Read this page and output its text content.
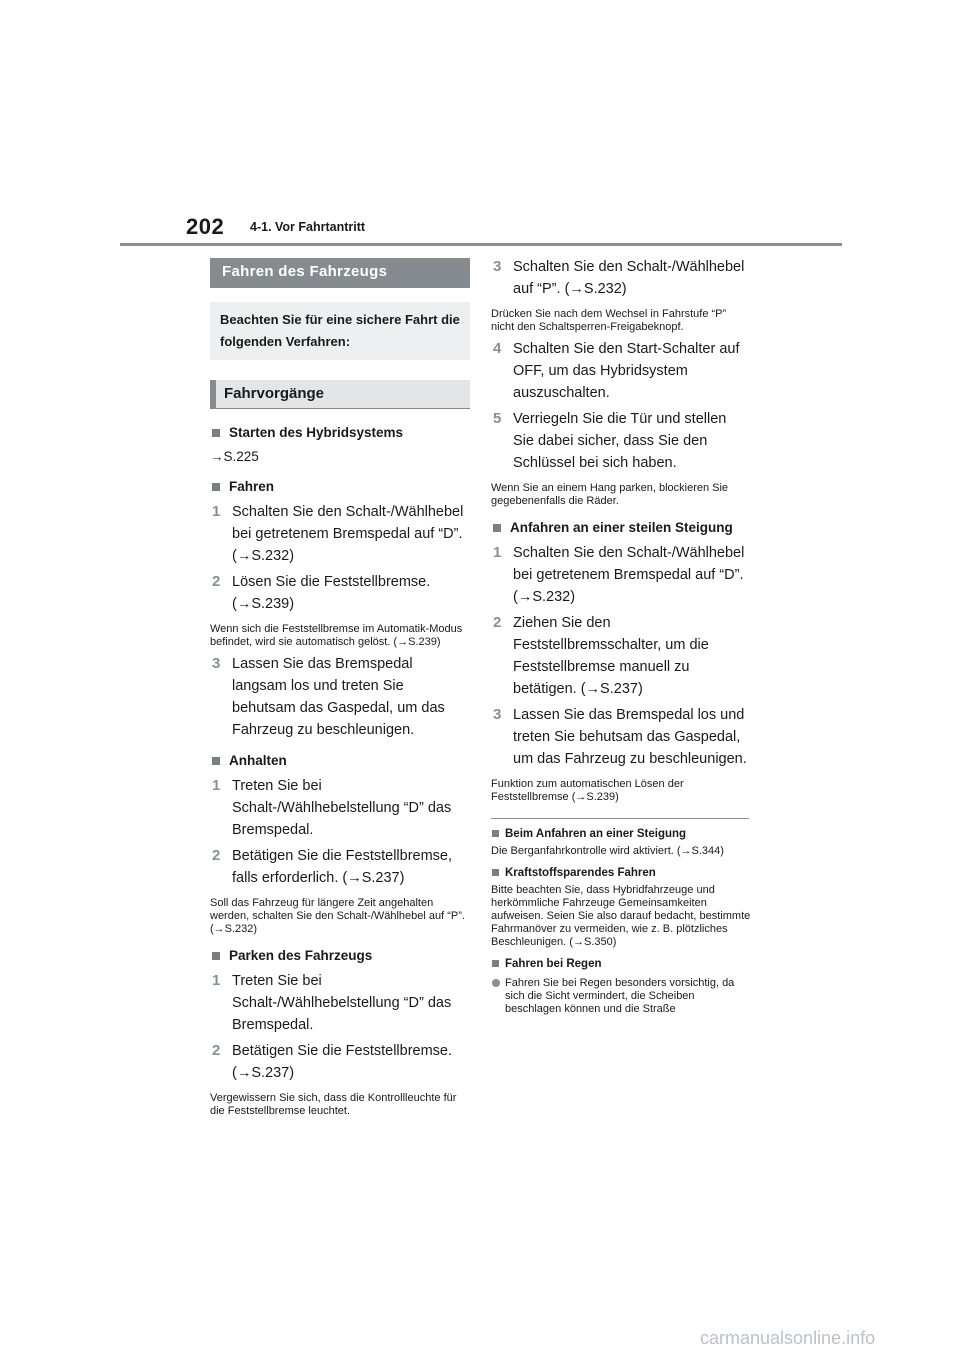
202 4-1. Vor Fahrtantritt
Fahren des Fahrzeugs
Beachten Sie für eine sichere Fahrt die folgenden Verfahren:
Fahrvorgänge
Starten des Hybridsystems
→S.225
Fahren
1 Schalten Sie den Schalt-/Wählhebel bei getretenem Bremspedal auf “D”. (→S.232)
2 Lösen Sie die Feststellbremse. (→S.239)
Wenn sich die Feststellbremse im Automatik-Modus befindet, wird sie automatisch gelöst. (→S.239)
3 Lassen Sie das Bremspedal langsam los und treten Sie behutsam das Gaspedal, um das Fahrzeug zu beschleunigen.
Anhalten
1 Treten Sie bei Schalt-/Wählhebelstellung “D” das Bremspedal.
2 Betätigen Sie die Feststellbremse, falls erforderlich. (→S.237)
Soll das Fahrzeug für längere Zeit angehalten werden, schalten Sie den Schalt-/Wählhebel auf “P”. (→S.232)
Parken des Fahrzeugs
1 Treten Sie bei Schalt-/Wählhebelstellung “D” das Bremspedal.
2 Betätigen Sie die Feststellbremse. (→S.237)
Vergewissern Sie sich, dass die Kontrollleuchte für die Feststellbremse leuchtet.
3 Schalten Sie den Schalt-/Wählhebel auf “P”. (→S.232)
Drücken Sie nach dem Wechsel in Fahrstufe “P” nicht den Schaltsperren-Freigabeknopf.
4 Schalten Sie den Start-Schalter auf OFF, um das Hybridsystem auszuschalten.
5 Verriegeln Sie die Tür und stellen Sie dabei sicher, dass Sie den Schlüssel bei sich haben.
Wenn Sie an einem Hang parken, blockieren Sie gegebenenfalls die Räder.
Anfahren an einer steilen Steigung
1 Schalten Sie den Schalt-/Wählhebel bei getretenem Bremspedal auf “D”. (→S.232)
2 Ziehen Sie den Feststellbremsschalter, um die Feststellbremse manuell zu betätigen. (→S.237)
3 Lassen Sie das Bremspedal los und treten Sie behutsam das Gaspedal, um das Fahrzeug zu beschleunigen.
Funktion zum automatischen Lösen der Feststellbremse (→S.239)
Beim Anfahren an einer Steigung
Die Berganfahrkontrolle wird aktiviert. (→S.344)
Kraftstoffsparendes Fahren
Bitte beachten Sie, dass Hybridfahrzeuge und herkömmliche Fahrzeuge Gemeinsamkeiten aufweisen. Seien Sie also darauf bedacht, bestimmte Fahrmanöver zu vermeiden, wie z. B. plötzliches Beschleunigen. (→S.350)
Fahren bei Regen
Fahren Sie bei Regen besonders vorsichtig, da sich die Sicht vermindert, die Scheiben beschlagen können und die Straße
carmanualsonline.info
